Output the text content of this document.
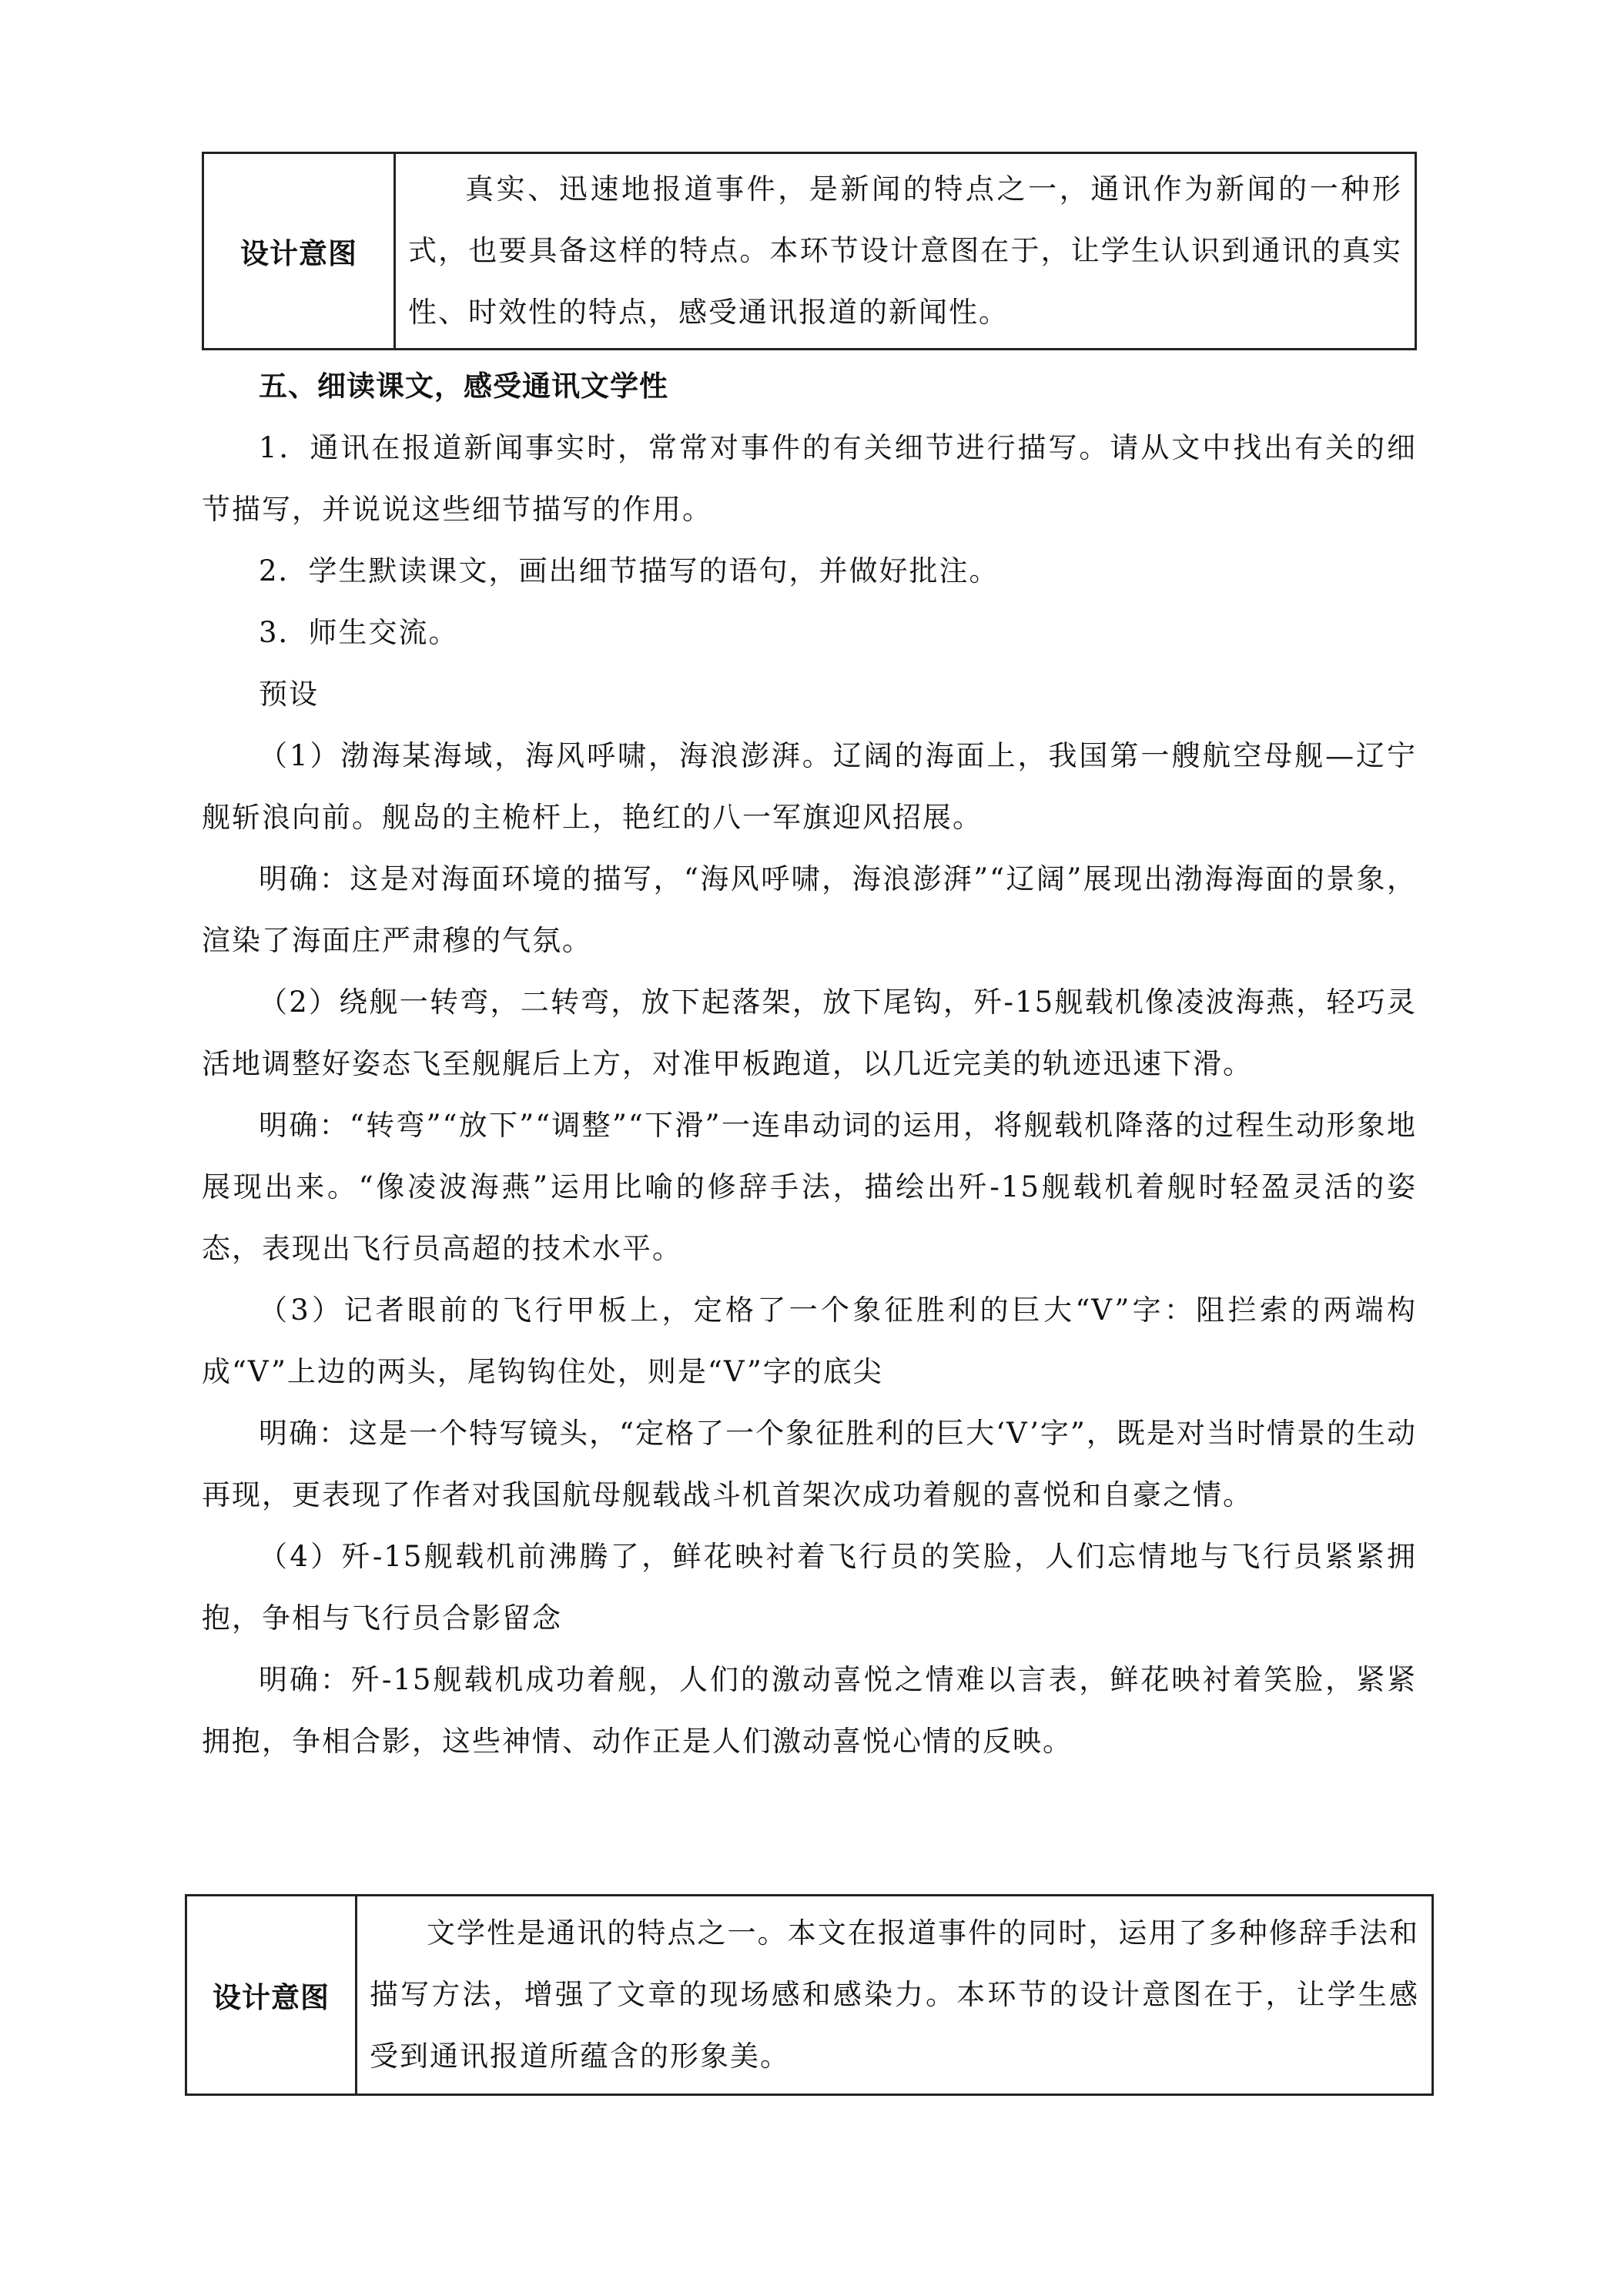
设计意图	

真实、迅速地报道事件，是新闻的特点之一，通讯作为新闻的一种形式，也要具备这样的特点。本环节设计意图在于，让学生认识到通讯的真实性、时效性的特点，感受通讯报道的新闻性。

五、细读课文，感受通讯文学性

1．通讯在报道新闻事实时，常常对事件的有关细节进行描写。请从文中找出有关的细节描写，并说说这些细节描写的作用。

2．学生默读课文，画出细节描写的语句，并做好批注。

3．师生交流。

预设

（1）渤海某海域，海风呼啸，海浪澎湃。辽阔的海面上，我国第一艘航空母舰—辽宁舰斩浪向前。舰岛的主桅杆上，艳红的八一军旗迎风招展。

明确：这是对海面环境的描写，“海风呼啸，海浪澎湃”“辽阔”展现出渤海海面的景象，渲染了海面庄严肃穆的气氛。

（2）绕舰一转弯，二转弯，放下起落架，放下尾钩，歼-15舰载机像凌波海燕，轻巧灵活地调整好姿态飞至舰艉后上方，对准甲板跑道，以几近完美的轨迹迅速下滑。

明确：“转弯”“放下”“调整”“下滑”一连串动词的运用，将舰载机降落的过程生动形象地展现出来。“像凌波海燕”运用比喻的修辞手法，描绘出歼-15舰载机着舰时轻盈灵活的姿态，表现出飞行员高超的技术水平。

（3）记者眼前的飞行甲板上，定格了一个象征胜利的巨大“V”字：阻拦索的两端构成“V”上边的两头，尾钩钩住处，则是“V”字的底尖

明确：这是一个特写镜头，“定格了一个象征胜利的巨大‘V’字”，既是对当时情景的生动再现，更表现了作者对我国航母舰载战斗机首架次成功着舰的喜悦和自豪之情。

（4）歼-15舰载机前沸腾了，鲜花映衬着飞行员的笑脸，人们忘情地与飞行员紧紧拥抱，争相与飞行员合影留念

明确：歼-15舰载机成功着舰，人们的激动喜悦之情难以言表，鲜花映衬着笑脸，紧紧拥抱，争相合影，这些神情、动作正是人们激动喜悦心情的反映。

设计意图	

文学性是通讯的特点之一。本文在报道事件的同时，运用了多种修辞手法和描写方法，增强了文章的现场感和感染力。本环节的设计意图在于，让学生感受到通讯报道所蕴含的形象美。
